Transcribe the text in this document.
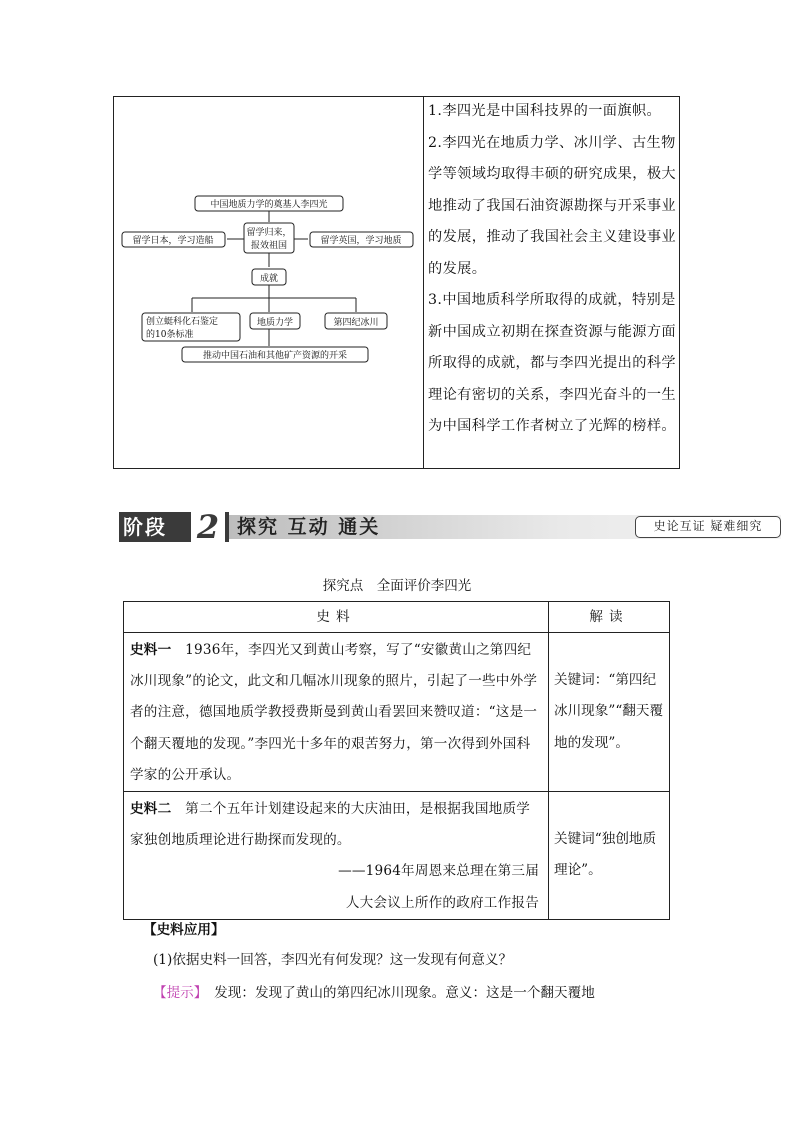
中国地质力学的奠基人李四光
留学归来，
报效祖国
留学日本，学习造船	留学英国，学习地质
成就
创立蜓科化石鉴定
的10条标准
地质力学	第四纪冰川
推动中国石油和其他矿产资源的开采

1.李四光是中国科技界的一面旗帜。

2.李四光在地质力学、冰川学、古生物学等领域均取得丰硕的研究成果，极大地推动了我国石油资源勘探与开采事业的发展，推动了我国社会主义建设事业的发展。

3.中国地质科学所取得的成就，特别是新中国成立初期在探查资源与能源方面所取得的成就，都与李四光提出的科学理论有密切的关系，李四光奋斗的一生为中国科学工作者树立了光辉的榜样。

阶段 2 探究 互动 通关	史论互证 疑难细究
探究点　全面评价李四光
史料	解读
史料一　1936年，李四光又到黄山考察，写了“安徽黄山之第四纪冰川现象”的论文，此文和几幅冰川现象的照片，引起了一些中外学者的注意，德国地质学教授费斯曼到黄山看罢回来赞叹道：“这是一个翻天覆地的发现。”李四光十多年的艰苦努力，第一次得到外国科学家的公开承认。	关键词：“第四纪冰川现象”“翻天覆地的发现”。

史料二　第二个五年计划建设起来的大庆油田，是根据我国地质学家独创地质理论进行勘探而发现的。
——1964年周恩来总理在第三届
人大会议上所作的政府工作报告	关键词“独创地质理论”。
【史料应用】
(1)依据史料一回答，李四光有何发现？这一发现有何意义？
【提示】　发现：发现了黄山的第四纪冰川现象。意义：这是一个翻天覆地
